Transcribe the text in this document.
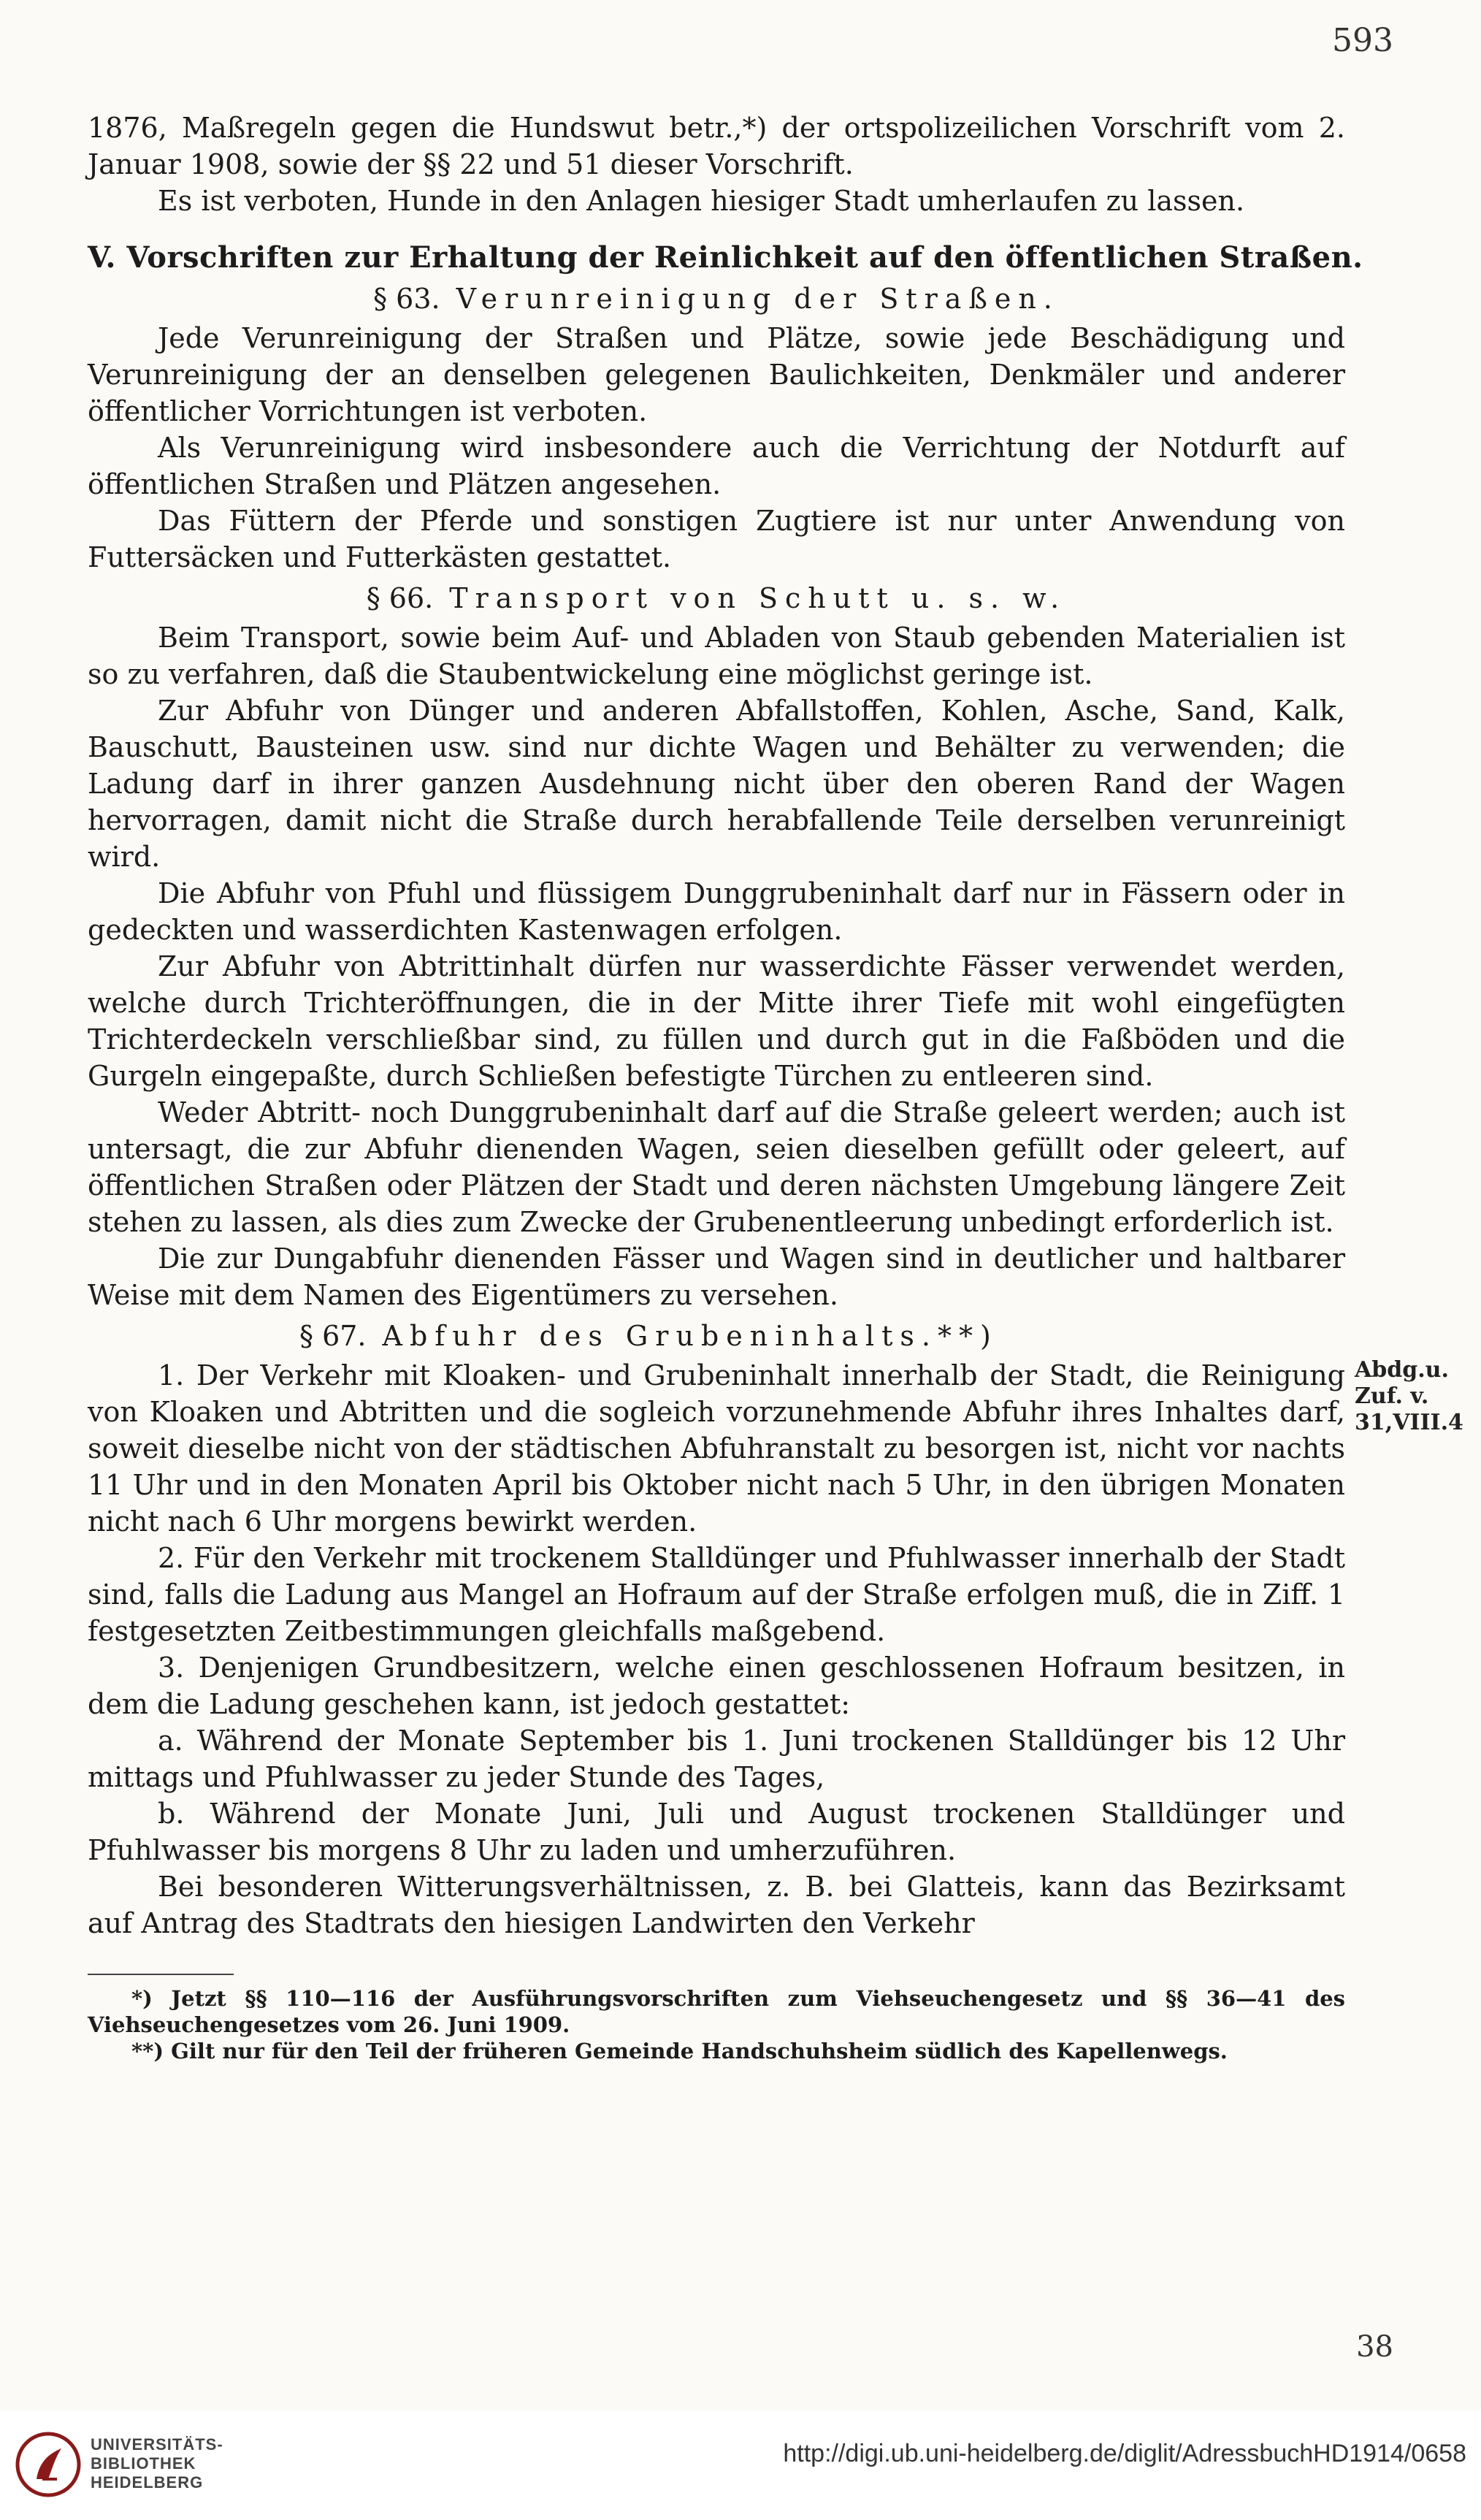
593

1876, Maßregeln gegen die Hundswut betr.,*) der ortspolizeilichen Vorschrift vom 2. Januar 1908, sowie der §§ 22 und 51 dieser Vorschrift.

Es ist verboten, Hunde in den Anlagen hiesiger Stadt umherlaufen zu lassen.

V. Vorschriften zur Erhaltung der Reinlichkeit auf den öffentlichen Straßen.
§ 63. Verunreinigung der Straßen.

Jede Verunreinigung der Straßen und Plätze, sowie jede Beschädigung und Verunreinigung der an denselben gelegenen Baulichkeiten, Denkmäler und anderer öffentlicher Vorrichtungen ist verboten.

Als Verunreinigung wird insbesondere auch die Verrichtung der Notdurft auf öffentlichen Straßen und Plätzen angesehen.

Das Füttern der Pferde und sonstigen Zugtiere ist nur unter Anwendung von Futtersäcken und Futterkästen gestattet.

§ 66. Transport von Schutt u. s. w.

Beim Transport, sowie beim Auf- und Abladen von Staub gebenden Materialien ist so zu verfahren, daß die Staubentwickelung eine möglichst geringe ist.

Zur Abfuhr von Dünger und anderen Abfallstoffen, Kohlen, Asche, Sand, Kalk, Bauschutt, Bausteinen usw. sind nur dichte Wagen und Behälter zu verwenden; die Ladung darf in ihrer ganzen Ausdehnung nicht über den oberen Rand der Wagen hervorragen, damit nicht die Straße durch herabfallende Teile derselben verunreinigt wird.

Die Abfuhr von Pfuhl und flüssigem Dunggrubeninhalt darf nur in Fässern oder in gedeckten und wasserdichten Kastenwagen erfolgen.

Zur Abfuhr von Abtrittinhalt dürfen nur wasserdichte Fässer verwendet werden, welche durch Trichteröffnungen, die in der Mitte ihrer Tiefe mit wohl eingefügten Trichterdeckeln verschließbar sind, zu füllen und durch gut in die Faßböden und die Gurgeln eingepaßte, durch Schließen befestigte Türchen zu entleeren sind.

Weder Abtritt- noch Dunggrubeninhalt darf auf die Straße geleert werden; auch ist untersagt, die zur Abfuhr dienenden Wagen, seien dieselben gefüllt oder geleert, auf öffentlichen Straßen oder Plätzen der Stadt und deren nächsten Umgebung längere Zeit stehen zu lassen, als dies zum Zwecke der Grubenentleerung unbedingt erforderlich ist.

Die zur Dungabfuhr dienenden Fässer und Wagen sind in deutlicher und haltbarer Weise mit dem Namen des Eigentümers zu versehen.

§ 67. Abfuhr des Grubeninhalts.**)
Abdg.u.
Zuf. v.
31,VIII.4

1. Der Verkehr mit Kloaken- und Grubeninhalt innerhalb der Stadt, die Reinigung von Kloaken und Abtritten und die sogleich vorzunehmende Abfuhr ihres Inhaltes darf, soweit dieselbe nicht von der städtischen Abfuhranstalt zu besorgen ist, nicht vor nachts 11 Uhr und in den Monaten April bis Oktober nicht nach 5 Uhr, in den übrigen Monaten nicht nach 6 Uhr morgens bewirkt werden.

2. Für den Verkehr mit trockenem Stalldünger und Pfuhlwasser innerhalb der Stadt sind, falls die Ladung aus Mangel an Hofraum auf der Straße erfolgen muß, die in Ziff. 1 festgesetzten Zeitbestimmungen gleichfalls maßgebend.

3. Denjenigen Grundbesitzern, welche einen geschlossenen Hofraum besitzen, in dem die Ladung geschehen kann, ist jedoch gestattet:

a. Während der Monate September bis 1. Juni trockenen Stalldünger bis 12 Uhr mittags und Pfuhlwasser zu jeder Stunde des Tages,

b. Während der Monate Juni, Juli und August trockenen Stalldünger und Pfuhlwasser bis morgens 8 Uhr zu laden und umherzuführen.

Bei besonderen Witterungsverhältnissen, z. B. bei Glatteis, kann das Bezirksamt auf Antrag des Stadtrats den hiesigen Landwirten den Verkehr

*) Jetzt §§ 110—116 der Ausführungsvorschriften zum Viehseuchengesetz und §§ 36—41 des Viehseuchengesetzes vom 26. Juni 1909.

**) Gilt nur für den Teil der früheren Gemeinde Handschuhsheim südlich des Kapellenwegs.

38
UNIVERSITÄTS-
BIBLIOTHEK
HEIDELBERG
http://digi.ub.uni-heidelberg.de/diglit/AdressbuchHD1914/0658
